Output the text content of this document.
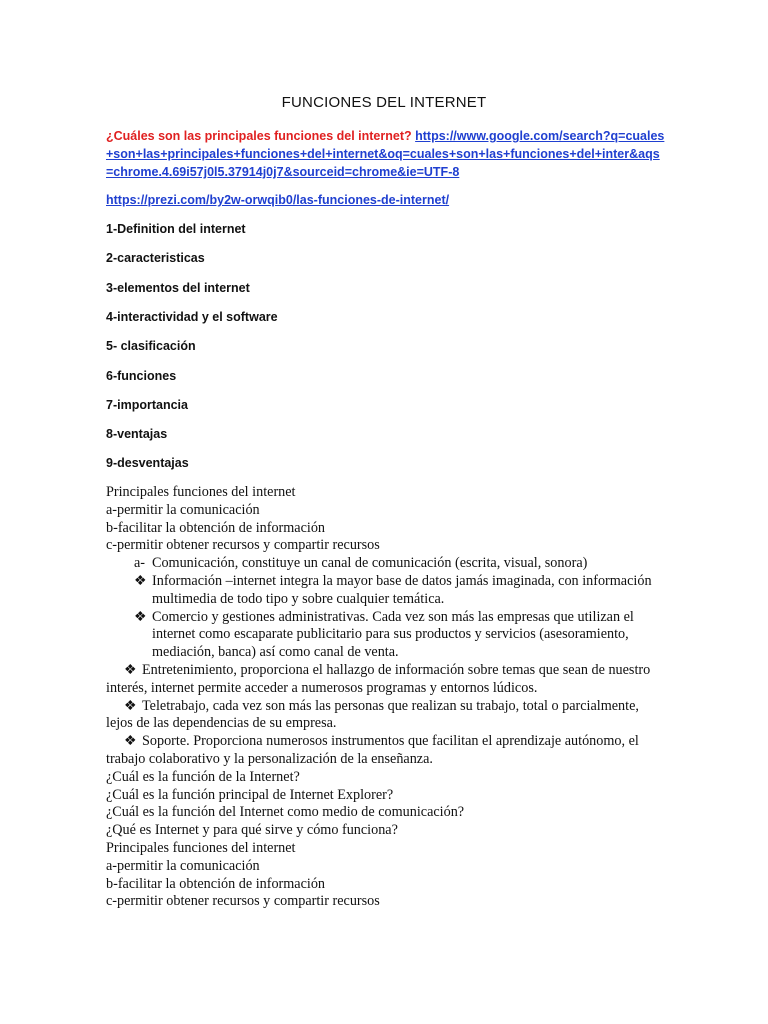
FUNCIONES DEL INTERNET
¿Cuáles son las principales funciones del internet? https://www.google.com/search?q=cuales+son+las+principales+funciones+del+internet&oq=cuales+son+las+funciones+del+inter&aqs=chrome.4.69i57j0l5.37914j0j7&sourceid=chrome&ie=UTF-8
https://prezi.com/by2w-orwqib0/las-funciones-de-internet/
1-Definition del internet
2-caracteristicas
3-elementos del internet
4-interactividad y el software
5- clasificación
6-funciones
7-importancia
8-ventajas
9-desventajas

Principales funciones del internet

a-permitir la comunicación

b-facilitar la obtención de información

c-permitir obtener recursos y compartir recursos

a- Comunicación, constituye un canal de comunicación (escrita, visual, sonora)

❖ Información –internet integra la mayor base de datos jamás imaginada, con información multimedia de todo tipo y sobre cualquier temática.

❖ Comercio y gestiones administrativas. Cada vez son más las empresas que utilizan el internet como escaparate publicitario para sus productos y servicios (asesoramiento, mediación, banca) así como canal de venta.

❖ Entretenimiento, proporciona el hallazgo de información sobre temas que sean de nuestro interés, internet permite acceder a numerosos programas y entornos lúdicos.

❖ Teletrabajo, cada vez son más las personas que realizan su trabajo, total o parcialmente, lejos de las dependencias de su empresa.

❖ Soporte. Proporciona numerosos instrumentos que facilitan el aprendizaje autónomo, el trabajo colaborativo y la personalización de la enseñanza.

¿Cuál es la función de la Internet?

¿Cuál es la función principal de Internet Explorer?

¿Cuál es la función del Internet como medio de comunicación?

¿Qué es Internet y para qué sirve y cómo funciona?

Principales funciones del internet

a-permitir la comunicación

b-facilitar la obtención de información

c-permitir obtener recursos y compartir recursos
